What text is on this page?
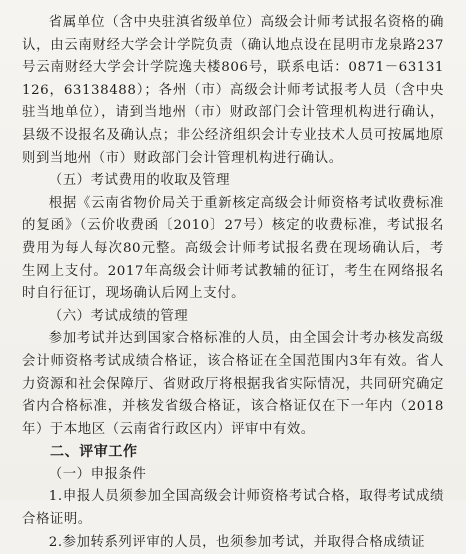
省属单位（含中央驻滇省级单位）高级会计师考试报名资格的确认，由云南财经大学会计学院负责（确认地点设在昆明市龙泉路237号云南财经大学会计学院逸夫楼806号，联系电话：0871－63131126，63138488）；各州（市）高级会计师考试报考人员（含中央驻当地单位），请到当地州（市）财政部门会计管理机构进行确认，县级不设报名及确认点；非公经济组织会计专业技术人员可按属地原则到当地州（市）财政部门会计管理机构进行确认。

（五）考试费用的收取及管理

根据《云南省物价局关于重新核定高级会计师资格考试收费标准的复函》（云价收费函〔2010〕27号）核定的收费标准，考试报名费用为每人每次80元整。高级会计师考试报名费在现场确认后，考生网上支付。2017年高级会计师考试教辅的征订，考生在网络报名时自行征订，现场确认后网上支付。

（六）考试成绩的管理

参加考试并达到国家合格标准的人员，由全国会计考办核发高级会计师资格考试成绩合格证，该合格证在全国范围内3年有效。省人力资源和社会保障厅、省财政厅将根据我省实际情况，共同研究确定省内合格标准，并核发省级合格证，该合格证仅在下一年内（2018年）于本地区（云南省行政区内）评审中有效。

二、评审工作

（一）申报条件

1.申报人员须参加全国高级会计师资格考试合格，取得考试成绩合格证明。

2.参加转系列评审的人员，也须参加考试，并取得合格成绩证
